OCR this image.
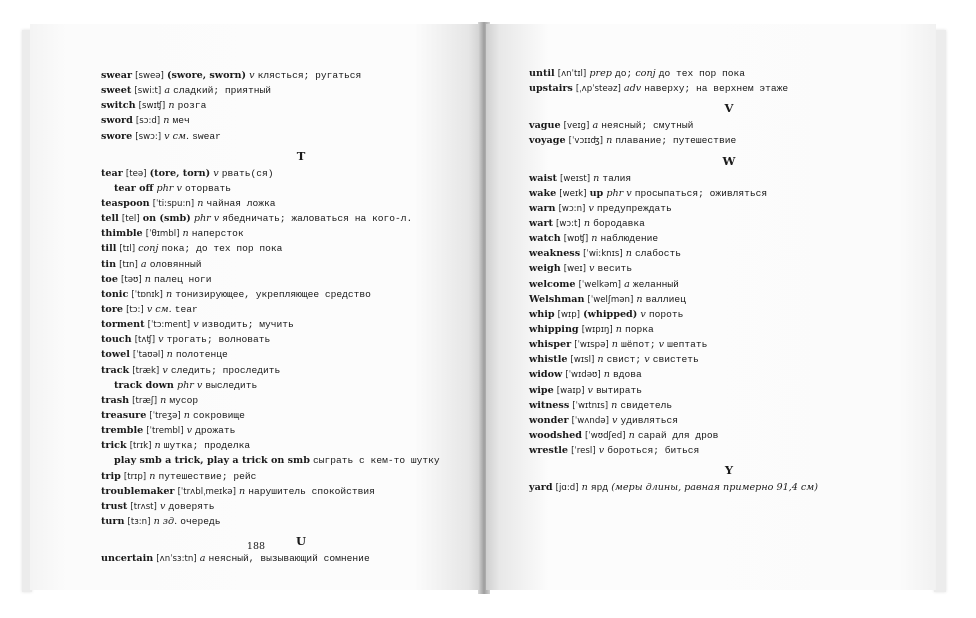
swear [sweə] (swore, sworn) v клясться; ругаться
sweet [swi:t] a сладкий; приятный
switch [swɪʧ] n розга
sword [sɔ:d] n меч
swore [swɔ:] v см. swear
T
tear [teə] (tore, torn) v рвать(ся)
tear off phr v оторвать
teaspoon [ˈti:spu:n] n чайная ложка
tell [tel] on (smb) phr v ябедничать; жаловаться на кого-л.
thimble [ˈθɪmbl] n наперсток
till [tɪl] conj пока; до тех пор пока
tin [tɪn] a оловянный
toe [təʊ] n палец ноги
tonic [ˈtɒnɪk] n тонизирующее, укрепляющее средство
tore [tɔ:] v см. tear
torment [ˈtɔ:ment] v изводить; мучить
touch [tʌʧ] v трогать; волновать
towel [ˈtaʊəl] n полотенце
track [træk] v следить; проследить
track down phr v выследить
trash [træʃ] n мусор
treasure [ˈtreʒə] n сокровище
tremble [ˈtrembl] v дрожать
trick [trɪk] n шутка; проделка
play smb a trick, play a trick on smb сыграть с кем-то шутку
trip [trɪp] n путешествие; рейс
troublemaker [ˈtrʌblˌmeɪkə] n нарушитель спокойствия
trust [trʌst] v доверять
turn [tɜ:n] n зд. очередь
U
uncertain [ʌnˈsɜ:tn] a неясный, вызывающий сомнение
188
until [ʌnˈtɪl] prep до; conj до тех пор пока
upstairs [ˌʌpˈsteəz] adv наверху; на верхнем этаже
V
vague [veɪg] a неясный; смутный
voyage [ˈvɔɪɪʤ] n плавание; путешествие
W
waist [weɪst] n талия
wake [weɪk] up phr v просыпаться; оживляться
warn [wɔ:n] v предупреждать
wart [wɔ:t] n бородавка
watch [wɒʧ] n наблюдение
weakness [ˈwi:knɪs] n слабость
weigh [weɪ] v весить
welcome [ˈwelkəm] a желанный
Welshman [ˈwelʃmən] n валлиец
whip [wɪp] (whipped) v пороть
whipping [wɪpɪŋ] n порка
whisper [ˈwɪspə] n шёпот; v шептать
whistle [wɪsl] n свист; v свистеть
widow [ˈwɪdəʊ] n вдова
wipe [waɪp] v вытирать
witness [ˈwɪtnɪs] n свидетель
wonder [ˈwʌndə] v удивляться
woodshed [ˈwʊdʃed] n сарай для дров
wrestle [ˈresl] v бороться; биться
Y
yard [jɑ:d] n ярд (меры длины, равная примерно 91,4 см)
